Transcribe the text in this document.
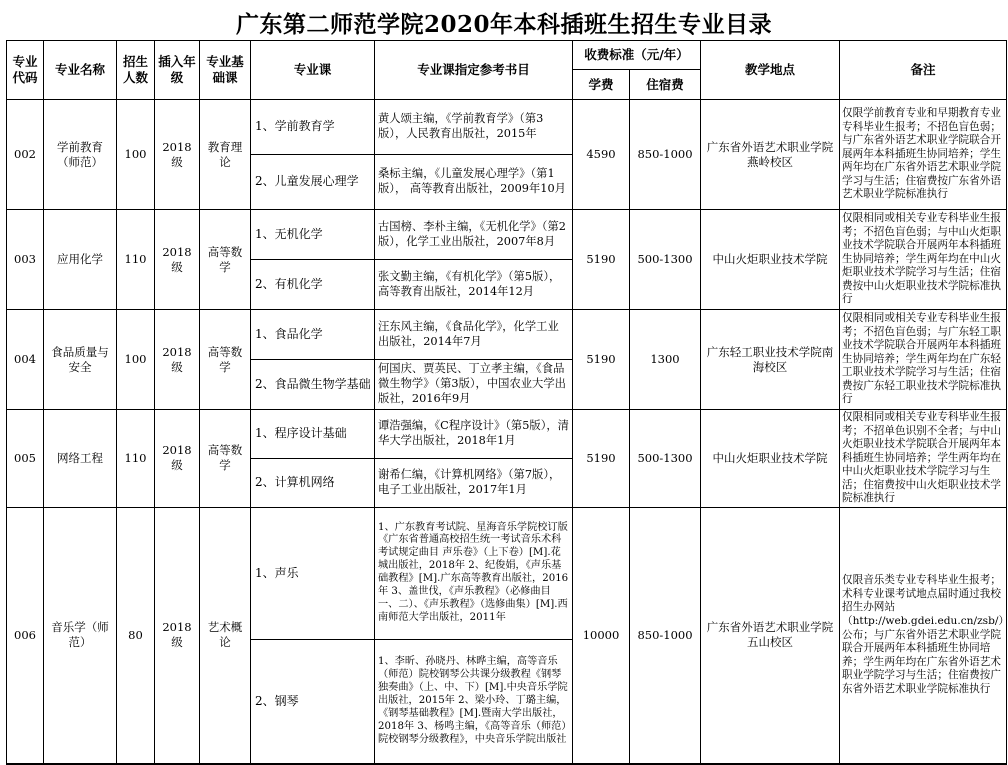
广东第二师范学院2020年本科插班生招生专业目录
专业代码	专业名称	招生人数	插入年级	专业基础课	专业课	专业课指定参考书目	收费标准（元/年）		教学地点	备注
							学费	住宿费		
002	学前教育（师范）	100	2018级	教育理论	1、学前教育学	黄人颂主编，《学前教育学》（第3版），人民教育出版社，2015年	4590	850-1000	广东省外语艺术职业学院燕岭校区	仅限学前教育专业和早期教育专业专科毕业生报考；不招色盲色弱；与广东省外语艺术职业学院联合开展两年本科插班生协同培养；学生两年均在广东省外语艺术职业学院学习与生活；住宿费按广东省外语艺术职业学院标准执行
					2、儿童发展心理学	桑标主编，《儿童发展心理学》（第1版）， 高等教育出版社，2009年10月				
003	应用化学	110	2018级	高等数学	1、无机化学	古国榜、李朴主编，《无机化学》（第2版），化学工业出版社，2007年8月	5190	500-1300	中山火炬职业技术学院	仅限相同或相关专业专科毕业生报考；不招色盲色弱；与中山火炬职业技术学院联合开展两年本科插班生协同培养；学生两年均在中山火炬职业技术学院学习与生活；住宿费按中山火炬职业技术学院标准执行
					2、有机化学	张文勤主编，《有机化学》（第5版），高等教育出版社，2014年12月				
004	食品质量与安全	100	2018级	高等数学	1、食品化学	汪东风主编，《食品化学》，化学工业出版社，2014年7月	5190	1300	广东轻工职业技术学院南海校区	仅限相同或相关专业专科毕业生报考；不招色盲色弱；与广东轻工职业技术学院联合开展两年本科插班生协同培养；学生两年均在广东轻工职业技术学院学习与生活；住宿费按广东轻工职业技术学院标准执行
					2、食品微生物学基础	何国庆、贾英民、丁立孝主编，《食品微生物学》（第3版），中国农业大学出版社，2016年9月				
005	网络工程	110	2018级	高等数学	1、程序设计基础	谭浩强编，《C程序设计》（第5版），清华大学出版社，2018年1月	5190	500-1300	中山火炬职业技术学院	仅限相同或相关专业专科毕业生报考；不招单色识别不全者；与中山火炬职业技术学院联合开展两年本科插班生协同培养；学生两年均在中山火炬职业技术学院学习与生活；住宿费按中山火炬职业技术学院标准执行
					2、计算机网络	谢希仁编，《计算机网络》（第7版）， 电子工业出版社，2017年1月				
006	音乐学（师范）	80	2018级	艺术概论	1、声乐	1、广东教育考试院、星海音乐学院校订版《广东省普通高校招生统一考试音乐术科考试规定曲目 声乐卷》（上下卷）[M].花城出版社，2018年 2、纪俊娟，《声乐基础教程》[M].广东高等教育出版社，2016年 3、盖世伐，《声乐教程》（必修曲目一、二）、《声乐教程》（选修曲集）[M].西南师范大学出版社，2011年	10000	850-1000	广东省外语艺术职业学院五山校区	仅限音乐类专业专科毕业生报考；术科专业课考试地点届时通过我校招生办网站（http://web.gdei.edu.cn/zsb/）公布；与广东省外语艺术职业学院联合开展两年本科插班生协同培养；学生两年均在广东省外语艺术职业学院学习与生活；住宿费按广东省外语艺术职业学院标准执行
					2、钢琴	1、李昕、孙晓丹、林晔主编，高等音乐（师范）院校钢琴公共课分级教程《钢琴独奏曲》（上、中、下）[M].中央音乐学院出版社，2015年 2、梁小玲、丁璐主编，《钢琴基础教程》[M].暨南大学出版社，2018年 3、杨鸣主编，《高等音乐（师范）院校钢琴分级教程》，中央音乐学院出版社				
